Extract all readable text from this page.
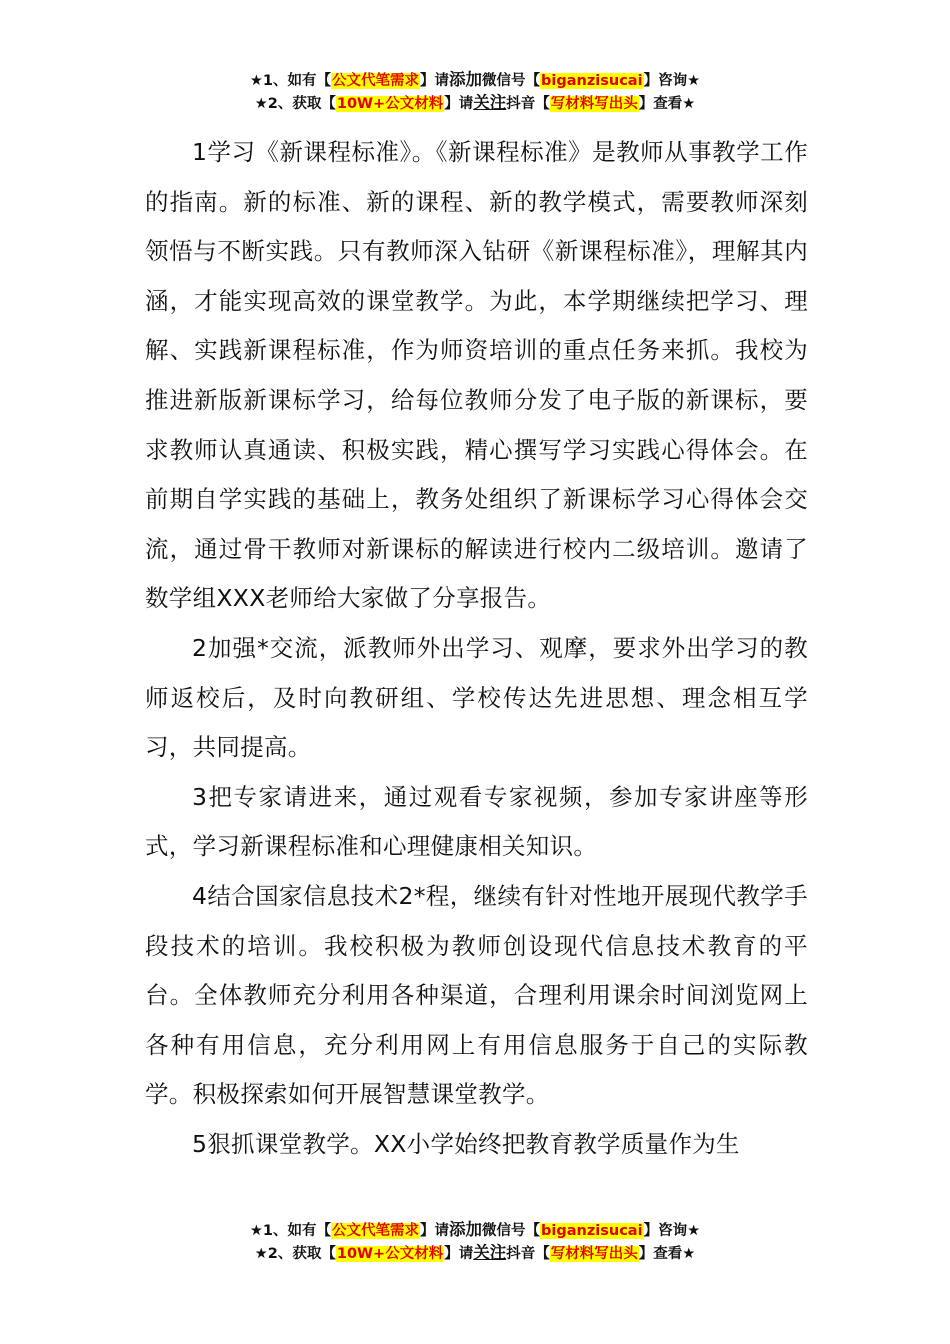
★1、如有【公文代笔需求】请添加微信号【biganzisucai】咨询★
★2、获取【10W+公文材料】请关注抖音【写材料写出头】查看★

1学习《新课程标准》。《新课程标准》是教师从事教学工作的指南。新的标准、新的课程、新的教学模式，需要教师深刻领悟与不断实践。只有教师深入钻研《新课程标准》，理解其内涵，才能实现高效的课堂教学。为此，本学期继续把学习、理解、实践新课程标准，作为师资培训的重点任务来抓。我校为推进新版新课标学习，给每位教师分发了电子版的新课标，要求教师认真通读、积极实践，精心撰写学习实践心得体会。在前期自学实践的基础上，教务处组织了新课标学习心得体会交流，通过骨干教师对新课标的解读进行校内二级培训。邀请了数学组XXX老师给大家做了分享报告。

2加强*交流，派教师外出学习、观摩，要求外出学习的教师返校后，及时向教研组、学校传达先进思想、理念相互学习，共同提高。

3把专家请进来，通过观看专家视频，参加专家讲座等形式，学习新课程标准和心理健康相关知识。

4结合国家信息技术2*程，继续有针对性地开展现代教学手段技术的培训。我校积极为教师创设现代信息技术教育的平台。全体教师充分利用各种渠道，合理利用课余时间浏览网上各种有用信息，充分利用网上有用信息服务于自己的实际教学。积极探索如何开展智慧课堂教学。

5狠抓课堂教学。XX小学始终把教育教学质量作为生

★1、如有【公文代笔需求】请添加微信号【biganzisucai】咨询★
★2、获取【10W+公文材料】请关注抖音【写材料写出头】查看★
